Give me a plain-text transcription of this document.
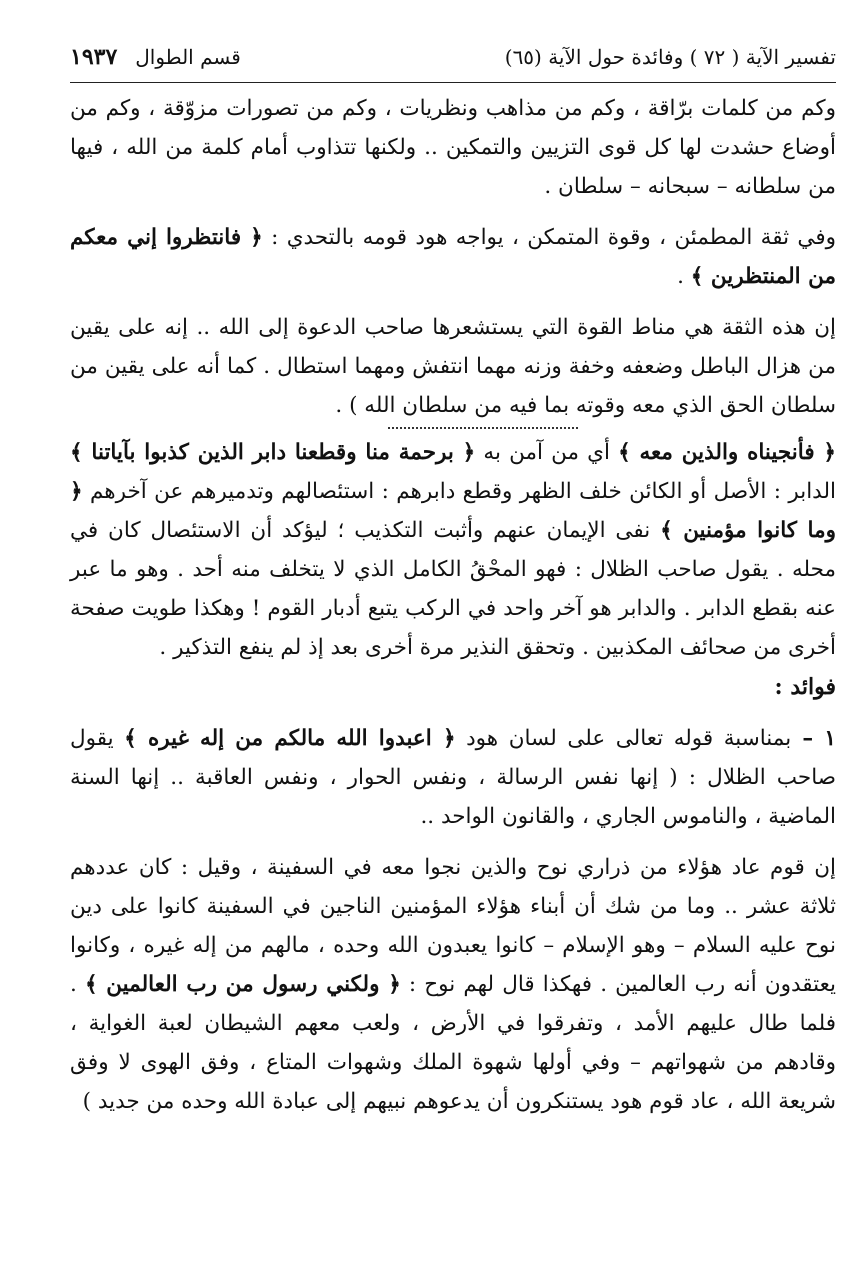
تفسير الآية ( ٧٢ ) وفائدة حول الآية (٦٥)
قسم الطوال
١٩٣٧

وكم من كلمات برّاقة ، وكم من مذاهب ونظريات ، وكم من تصورات مزوّقة ، وكم من أوضاع حشدت لها كل قوى التزيين والتمكين .. ولكنها تتذاوب أمام كلمة من الله ، فيها من سلطانه – سبحانه – سلطان .

وفي ثقة المطمئن ، وقوة المتمكن ، يواجه هود قومه بالتحدي : ﴿ فانتظروا إني معكم من المنتظرين ﴾ .

إن هذه الثقة هي مناط القوة التي يستشعرها صاحب الدعوة إلى الله .. إنه على يقين من هزال الباطل وضعفه وخفة وزنه مهما انتفش ومهما استطال . كما أنه على يقين من سلطان الحق الذي معه وقوته بما فيه من سلطان الله ) .

﴿ فأنجيناه والذين معه ﴾ أي من آمن به ﴿ برحمة منا وقطعنا دابر الذين كذبوا بآياتنا ﴾ الدابر : الأصل أو الكائن خلف الظهر وقطع دابرهم : استئصالهم وتدميرهم عن آخرهم ﴿ وما كانوا مؤمنين ﴾ نفى الإيمان عنهم وأثبت التكذيب ؛ ليؤكد أن الاستئصال كان في محله . يقول صاحب الظلال : فهو المحْقُ الكامل الذي لا يتخلف منه أحد . وهو ما عبر عنه بقطع الدابر . والدابر هو آخر واحد في الركب يتبع أدبار القوم ! وهكذا طويت صفحة أخرى من صحائف المكذبين . وتحقق النذير مرة أخرى بعد إذ لم ينفع التذكير .

فوائد :

١ – بمناسبة قوله تعالى على لسان هود ﴿ اعبدوا الله مالكم من إله غيره ﴾ يقول صاحب الظلال : ( إنها نفس الرسالة ، ونفس الحوار ، ونفس العاقبة .. إنها السنة الماضية ، والناموس الجاري ، والقانون الواحد ..

إن قوم عاد هؤلاء من ذراري نوح والذين نجوا معه في السفينة ، وقيل : كان عددهم ثلاثة عشر .. وما من شك أن أبناء هؤلاء المؤمنين الناجين في السفينة كانوا على دين نوح عليه السلام – وهو الإسلام – كانوا يعبدون الله وحده ، مالهم من إله غيره ، وكانوا يعتقدون أنه رب العالمين . فهكذا قال لهم نوح : ﴿ ولكني رسول من رب العالمين ﴾ . فلما طال عليهم الأمد ، وتفرقوا في الأرض ، ولعب معهم الشيطان لعبة الغواية ، وقادهم من شهواتهم – وفي أولها شهوة الملك وشهوات المتاع ، وفق الهوى لا وفق شريعة الله ، عاد قوم هود يستنكرون أن يدعوهم نبيهم إلى عبادة الله وحده من جديد )
